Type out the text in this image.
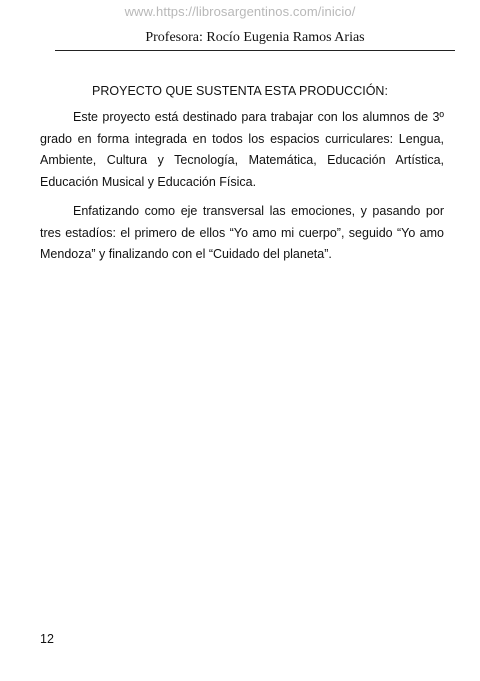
www.https://librosargentinos.com/inicio/
Profesora: Rocío Eugenia Ramos Arias
PROYECTO QUE SUSTENTA ESTA PRODUCCIÓN:

Este proyecto está destinado para trabajar con los alumnos de 3º grado en forma integrada en todos los espacios curriculares: Lengua, Ambiente, Cultura y Tecnología, Matemática, Educación Artística, Educación Musical y Educación Física.

Enfatizando como eje transversal las emociones, y pasando por tres estadíos: el primero de ellos “Yo amo mi cuerpo”, seguido “Yo amo Mendoza” y finalizando con el “Cuidado del planeta”.

12
